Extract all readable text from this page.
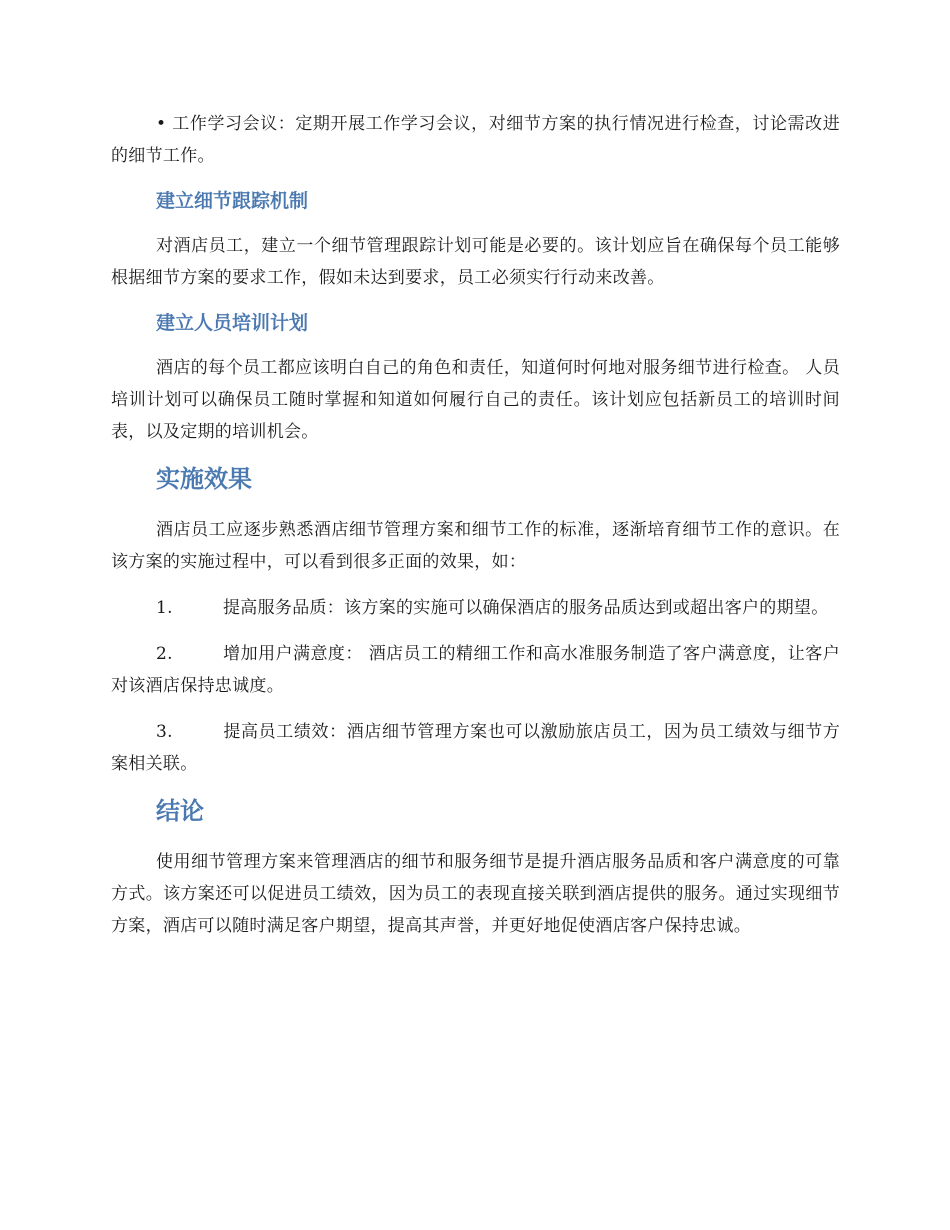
• 工作学习会议：定期开展工作学习会议，对细节方案的执行情况进行检查，讨论需改进的细节工作。

建立细节跟踪机制

对酒店员工，建立一个细节管理跟踪计划可能是必要的。该计划应旨在确保每个员工能够根据细节方案的要求工作，假如未达到要求，员工必须实行行动来改善。

建立人员培训计划

酒店的每个员工都应该明白自己的角色和责任，知道何时何地对服务细节进行检查。 人员培训计划可以确保员工随时掌握和知道如何履行自己的责任。该计划应包括新员工的培训时间表，以及定期的培训机会。

实施效果

酒店员工应逐步熟悉酒店细节管理方案和细节工作的标准，逐渐培育细节工作的意识。在该方案的实施过程中，可以看到很多正面的效果，如：

1.	提高服务品质：该方案的实施可以确保酒店的服务品质达到或超出客户的期望。

2.	增加用户满意度： 酒店员工的精细工作和高水准服务制造了客户满意度，让客户对该酒店保持忠诚度。

3.	提高员工绩效：酒店细节管理方案也可以激励旅店员工，因为员工绩效与细节方案相关联。

结论

使用细节管理方案来管理酒店的细节和服务细节是提升酒店服务品质和客户满意度的可靠方式。该方案还可以促进员工绩效，因为员工的表现直接关联到酒店提供的服务。通过实现细节方案，酒店可以随时满足客户期望，提高其声誉，并更好地促使酒店客户保持忠诚。
